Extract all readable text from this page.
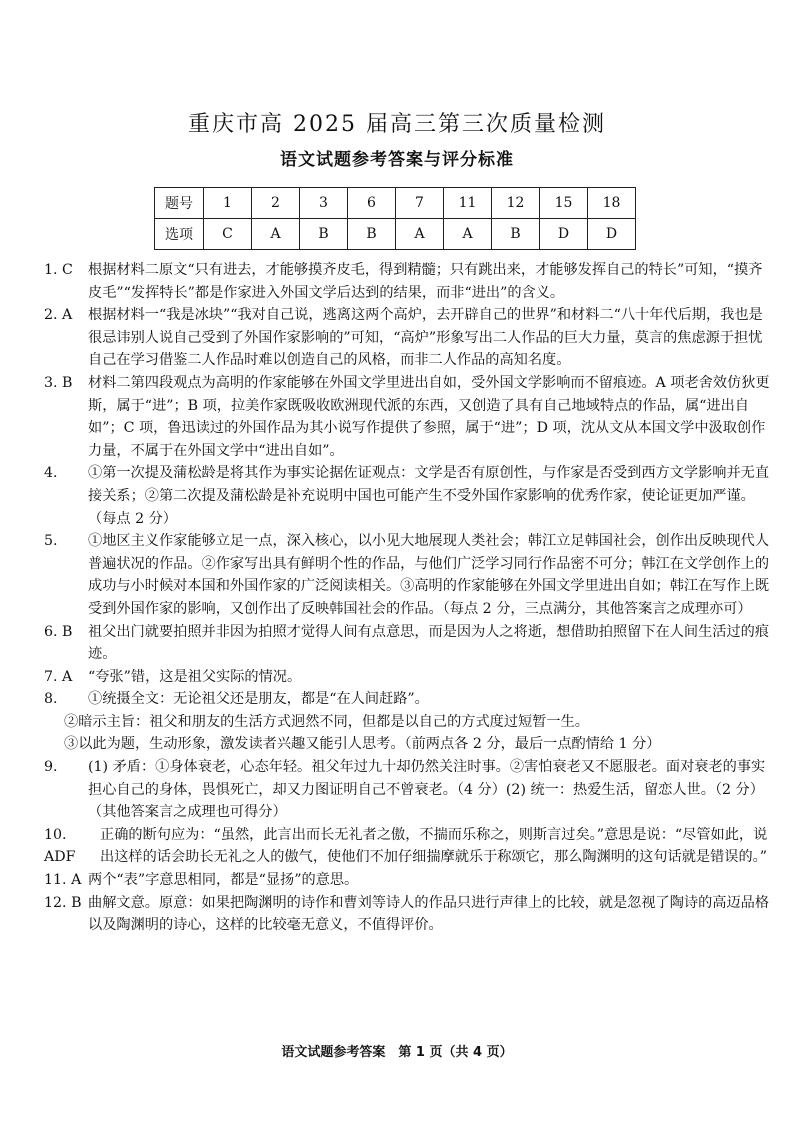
重庆市高 2025 届高三第三次质量检测
语文试题参考答案与评分标准
题号	1	2	3	6	7	11	12	15	18
选项	C	A	B	B	A	A	B	D	D
1. C	根据材料二原文“只有进去，才能够摸齐皮毛，得到精髓；只有跳出来，才能够发挥自己的特长”可知，“摸齐皮毛”“发挥特长”都是作家进入外国文学后达到的结果，而非“进出”的含义。
2. A	根据材料一“我是冰块”“我对自己说，逃离这两个高炉，去开辟自己的世界”和材料二“八十年代后期，我也是很忌讳别人说自己受到了外国作家影响的”可知，“高炉”形象写出二人作品的巨大力量，莫言的焦虑源于担忧自己在学习借鉴二人作品时难以创造自己的风格，而非二人作品的高知名度。
3. B	材料二第四段观点为高明的作家能够在外国文学里进出自如，受外国文学影响而不留痕迹。A 项老舍效仿狄更斯，属于“进”；B 项，拉美作家既吸收欧洲现代派的东西，又创造了具有自己地域特点的作品，属“进出自如”；C 项，鲁迅读过的外国作品为其小说写作提供了参照，属于“进”；D 项，沈从文从本国文学中汲取创作力量，不属于在外国文学中“进出自如”。
4.	①第一次提及蒲松龄是将其作为事实论据佐证观点：文学是否有原创性，与作家是否受到西方文学影响并无直接关系；②第二次提及蒲松龄是补充说明中国也可能产生不受外国作家影响的优秀作家，使论证更加严谨。（每点 2 分）
5.	①地区主义作家能够立足一点，深入核心，以小见大地展现人类社会；韩江立足韩国社会，创作出反映现代人普遍状况的作品。②作家写出具有鲜明个性的作品，与他们广泛学习同行作品密不可分；韩江在文学创作上的成功与小时候对本国和外国作家的广泛阅读相关。③高明的作家能够在外国文学里进出自如；韩江在写作上既受到外国作家的影响，又创作出了反映韩国社会的作品。（每点 2 分，三点满分，其他答案言之成理亦可）
6. B	祖父出门就要拍照并非因为拍照才觉得人间有点意思，而是因为人之将逝，想借助拍照留下在人间生活过的痕迹。
7. A	“夸张”错，这是祖父实际的情况。
8.	①统摄全文：无论祖父还是朋友，都是“在人间赶路”。
②暗示主旨：祖父和朋友的生活方式迥然不同，但都是以自己的方式度过短暂一生。
③以此为题，生动形象，激发读者兴趣又能引人思考。（前两点各 2 分，最后一点酌情给 1 分）
9.	(1) 矛盾：①身体衰老，心态年轻。祖父年过九十却仍然关注时事。②害怕衰老又不愿服老。面对衰老的事实担心自己的身体，畏惧死亡，却又力图证明自己不曾衰老。（4 分）(2) 统一：热爱生活，留恋人世。（2 分）（其他答案言之成理也可得分）
10. ADF
正确的断句应为：“虽然，此言出而长无礼者之傲，不揣而乐称之，则斯言过矣。”意思是说：“尽管如此，说出这样的话会助长无礼之人的傲气，使他们不加仔细揣摩就乐于称颂它，那么陶渊明的这句话就是错误的。”
11. A 两个“表”字意思相同，都是“显扬”的意思。
12. B 曲解文意。原意：如果把陶渊明的诗作和曹刘等诗人的作品只进行声律上的比较，就是忽视了陶诗的高迈品格以及陶渊明的诗心，这样的比较毫无意义，不值得评价。
语文试题参考答案　第 1 页（共 4 页）
